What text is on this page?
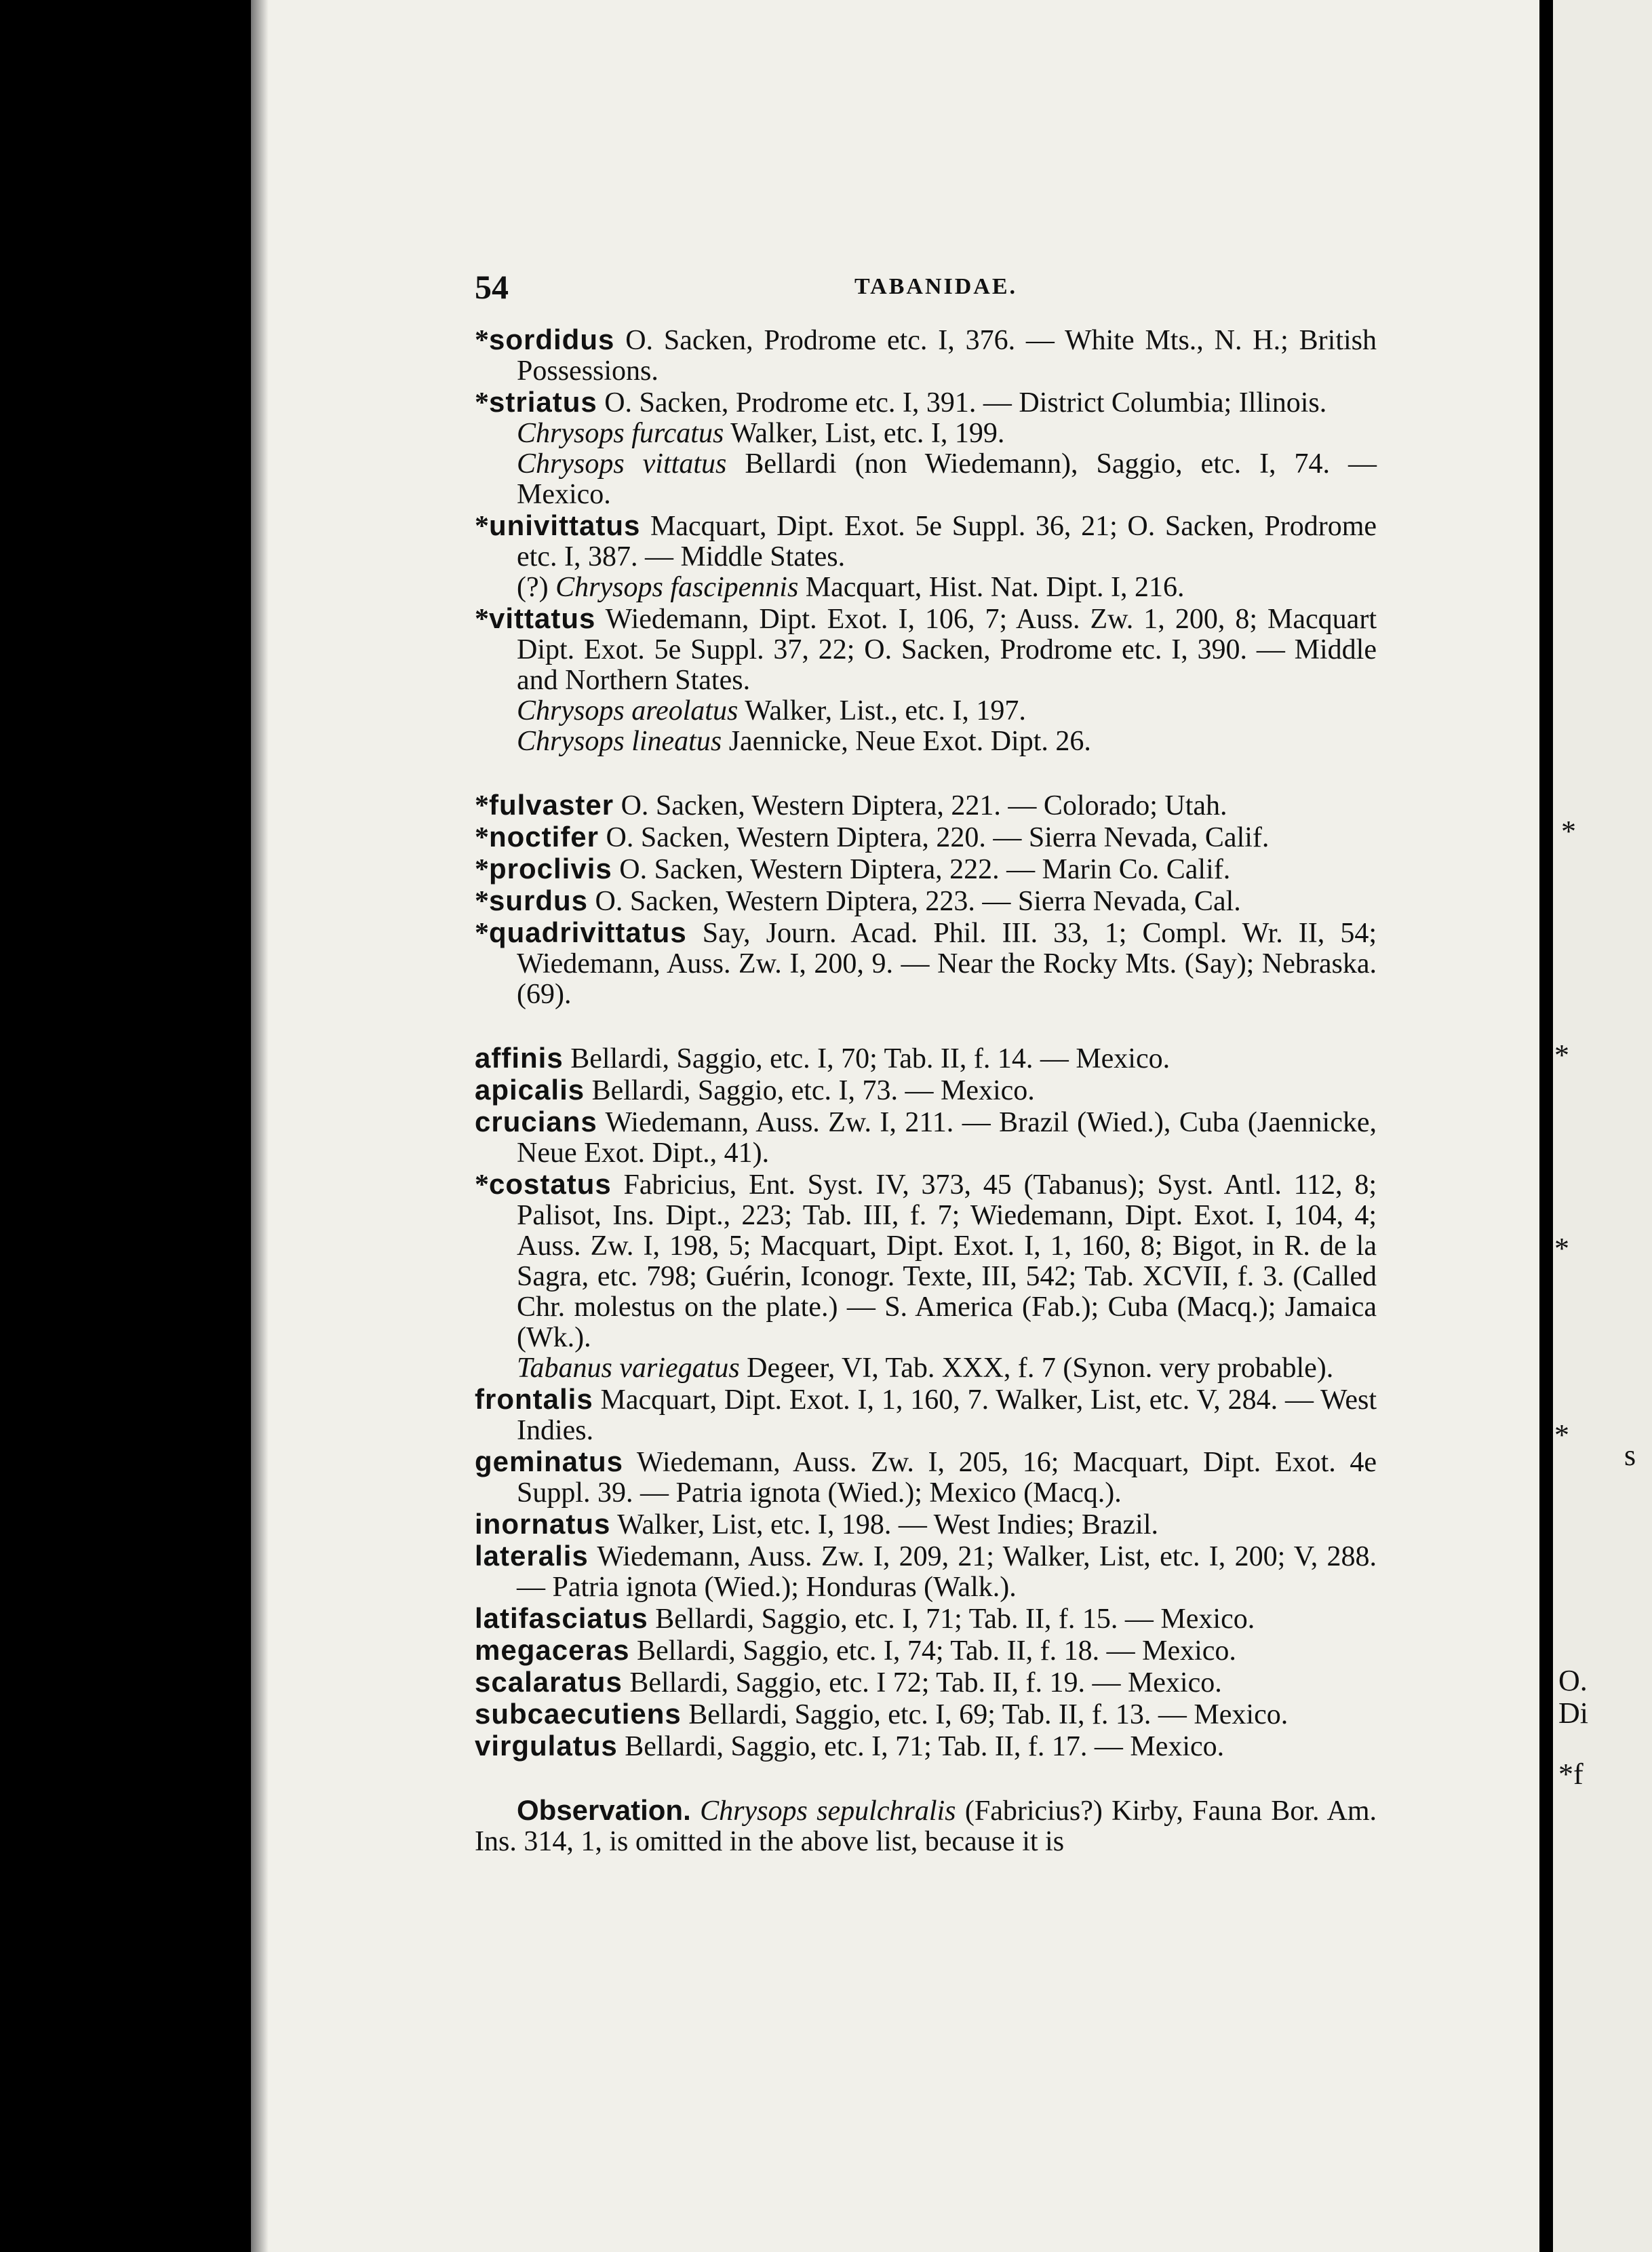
*
*
*
*
s
O.
Di
*f
54	TABANIDAE.

*sordidus O. Sacken, Prodrome etc. I, 376. — White Mts., N. H.; British Possessions.

*striatus O. Sacken, Prodrome etc. I, 391. — District Columbia; Illinois.

Chrysops furcatus Walker, List, etc. I, 199.

Chrysops vittatus Bellardi (non Wiedemann), Saggio, etc. I, 74. — Mexico.

*univittatus Macquart, Dipt. Exot. 5e Suppl. 36, 21; O. Sacken, Prodrome etc. I, 387. — Middle States.

(?) Chrysops fascipennis Macquart, Hist. Nat. Dipt. I, 216.

*vittatus Wiedemann, Dipt. Exot. I, 106, 7; Auss. Zw. 1, 200, 8; Macquart Dipt. Exot. 5e Suppl. 37, 22; O. Sacken, Prodrome etc. I, 390. — Middle and Northern States.

Chrysops areolatus Walker, List., etc. I, 197.

Chrysops lineatus Jaennicke, Neue Exot. Dipt. 26.

*fulvaster O. Sacken, Western Diptera, 221. — Colorado; Utah.

*noctifer O. Sacken, Western Diptera, 220. — Sierra Nevada, Calif.

*proclivis O. Sacken, Western Diptera, 222. — Marin Co. Calif.

*surdus O. Sacken, Western Diptera, 223. — Sierra Nevada, Cal.

*quadrivittatus Say, Journ. Acad. Phil. III. 33, 1; Compl. Wr. II, 54; Wiedemann, Auss. Zw. I, 200, 9. — Near the Rocky Mts. (Say); Nebraska. (69).

affinis Bellardi, Saggio, etc. I, 70; Tab. II, f. 14. — Mexico.

apicalis Bellardi, Saggio, etc. I, 73. — Mexico.

crucians Wiedemann, Auss. Zw. I, 211. — Brazil (Wied.), Cuba (Jaennicke, Neue Exot. Dipt., 41).

*costatus Fabricius, Ent. Syst. IV, 373, 45 (Tabanus); Syst. Antl. 112, 8; Palisot, Ins. Dipt., 223; Tab. III, f. 7; Wiedemann, Dipt. Exot. I, 104, 4; Auss. Zw. I, 198, 5; Macquart, Dipt. Exot. I, 1, 160, 8; Bigot, in R. de la Sagra, etc. 798; Guérin, Iconogr. Texte, III, 542; Tab. XCVII, f. 3. (Called Chr. molestus on the plate.) — S. America (Fab.); Cuba (Macq.); Jamaica (Wk.).

Tabanus variegatus Degeer, VI, Tab. XXX, f. 7 (Synon. very probable).

frontalis Macquart, Dipt. Exot. I, 1, 160, 7. Walker, List, etc. V, 284. — West Indies.

geminatus Wiedemann, Auss. Zw. I, 205, 16; Macquart, Dipt. Exot. 4e Suppl. 39. — Patria ignota (Wied.); Mexico (Macq.).

inornatus Walker, List, etc. I, 198. — West Indies; Brazil.

lateralis Wiedemann, Auss. Zw. I, 209, 21; Walker, List, etc. I, 200; V, 288. — Patria ignota (Wied.); Honduras (Walk.).

latifasciatus Bellardi, Saggio, etc. I, 71; Tab. II, f. 15. — Mexico.

megaceras Bellardi, Saggio, etc. I, 74; Tab. II, f. 18. — Mexico.

scalaratus Bellardi, Saggio, etc. I 72; Tab. II, f. 19. — Mexico.

subcaecutiens Bellardi, Saggio, etc. I, 69; Tab. II, f. 13. — Mexico.

virgulatus Bellardi, Saggio, etc. I, 71; Tab. II, f. 17. — Mexico.

Observation. Chrysops sepulchralis (Fabricius?) Kirby, Fauna Bor. Am. Ins. 314, 1, is omitted in the above list, because it is
